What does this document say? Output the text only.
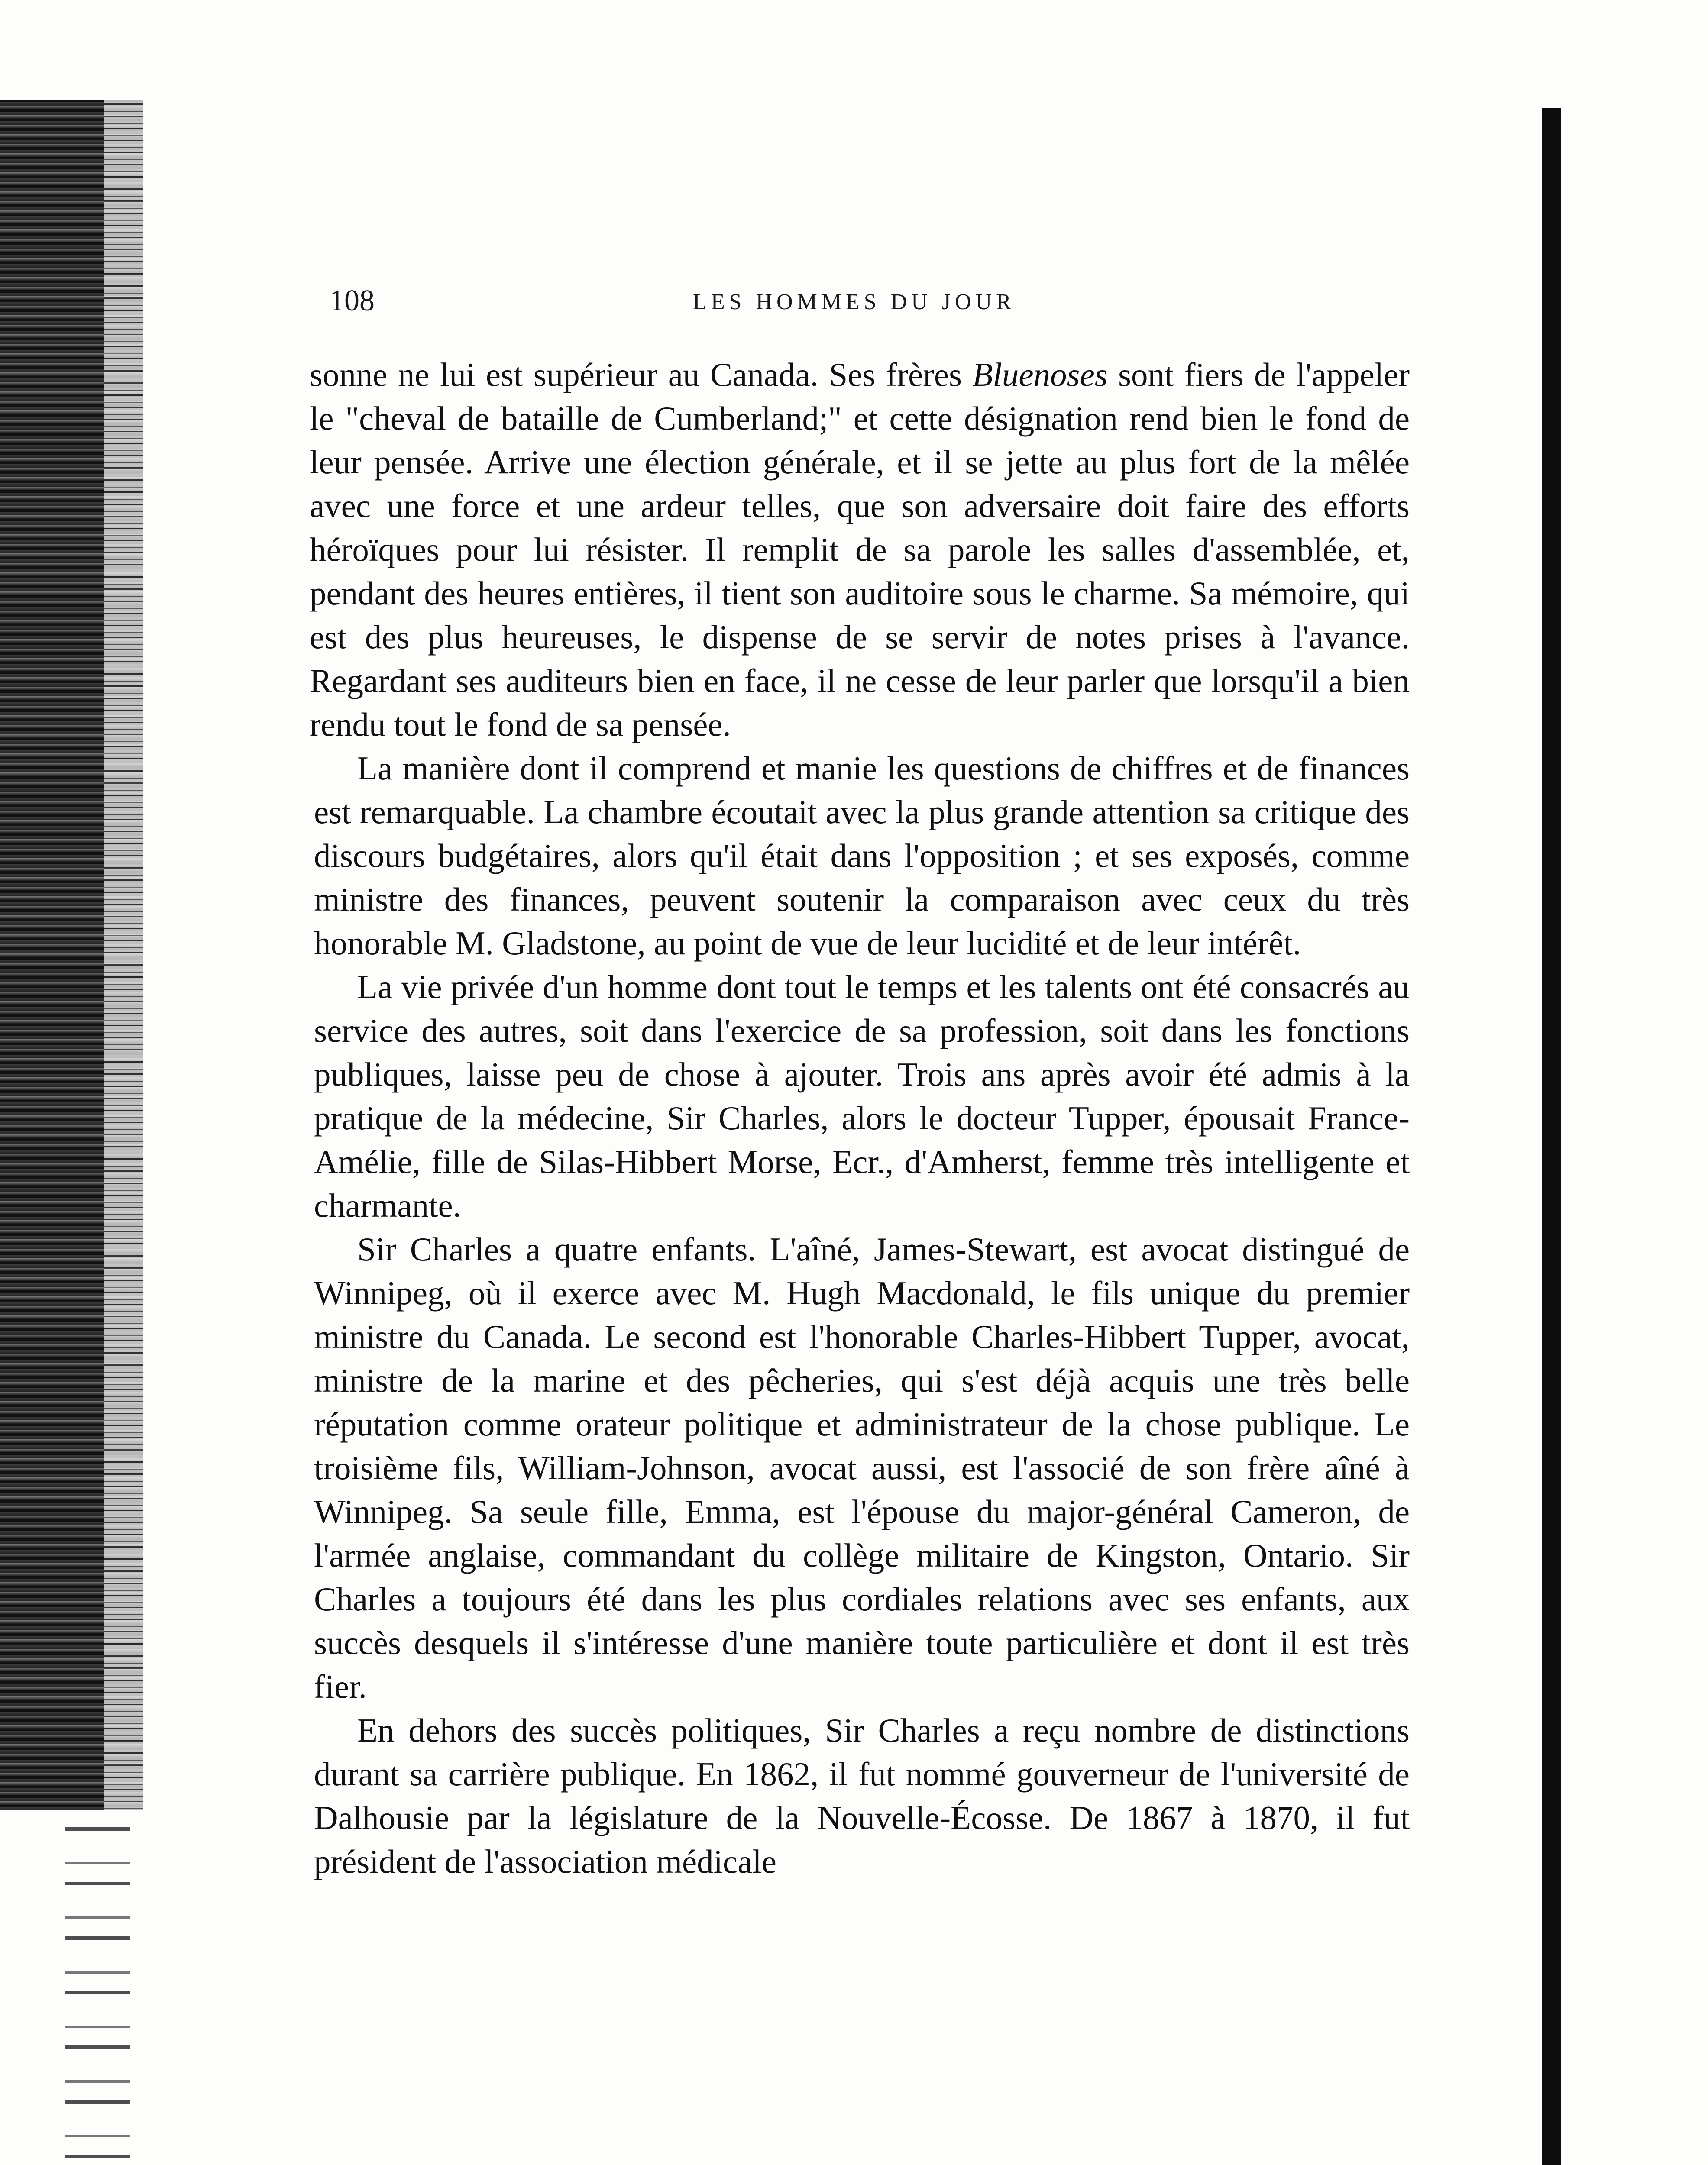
108	LES HOMMES DU JOUR

sonne ne lui est supérieur au Canada. Ses frères Bluenoses sont fiers de l'appeler le "cheval de bataille de Cumberland;" et cette désignation rend bien le fond de leur pensée. Arrive une élection générale, et il se jette au plus fort de la mêlée avec une force et une ardeur telles, que son adversaire doit faire des efforts héroïques pour lui résister. Il remplit de sa parole les salles d'assemblée, et, pendant des heures entières, il tient son auditoire sous le charme. Sa mémoire, qui est des plus heureuses, le dispense de se servir de notes prises à l'avance. Regardant ses auditeurs bien en face, il ne cesse de leur parler que lorsqu'il a bien rendu tout le fond de sa pensée.

La manière dont il comprend et manie les questions de chiffres et de finances est remarquable. La chambre écoutait avec la plus grande attention sa critique des discours budgétaires, alors qu'il était dans l'opposition ; et ses exposés, comme ministre des finances, peuvent soutenir la comparaison avec ceux du très honorable M. Gladstone, au point de vue de leur lucidité et de leur intérêt.

La vie privée d'un homme dont tout le temps et les talents ont été consacrés au service des autres, soit dans l'exercice de sa profession, soit dans les fonctions publiques, laisse peu de chose à ajouter. Trois ans après avoir été admis à la pratique de la médecine, Sir Charles, alors le docteur Tupper, épousait France-Amélie, fille de Silas-Hibbert Morse, Ecr., d'Amherst, femme très intelligente et charmante.

Sir Charles a quatre enfants. L'aîné, James-Stewart, est avocat distingué de Winnipeg, où il exerce avec M. Hugh Macdonald, le fils unique du premier ministre du Canada. Le second est l'honorable Charles-Hibbert Tupper, avocat, ministre de la marine et des pêcheries, qui s'est déjà acquis une très belle réputation comme orateur politique et administrateur de la chose publique. Le troisième fils, William-Johnson, avocat aussi, est l'associé de son frère aîné à Winnipeg. Sa seule fille, Emma, est l'épouse du major-général Cameron, de l'armée anglaise, commandant du collège militaire de Kingston, Ontario. Sir Charles a toujours été dans les plus cordiales relations avec ses enfants, aux succès desquels il s'intéresse d'une manière toute particulière et dont il est très fier.

En dehors des succès politiques, Sir Charles a reçu nombre de distinctions durant sa carrière publique. En 1862, il fut nommé gouverneur de l'université de Dalhousie par la législature de la Nouvelle-Écosse. De 1867 à 1870, il fut président de l'association médicale
